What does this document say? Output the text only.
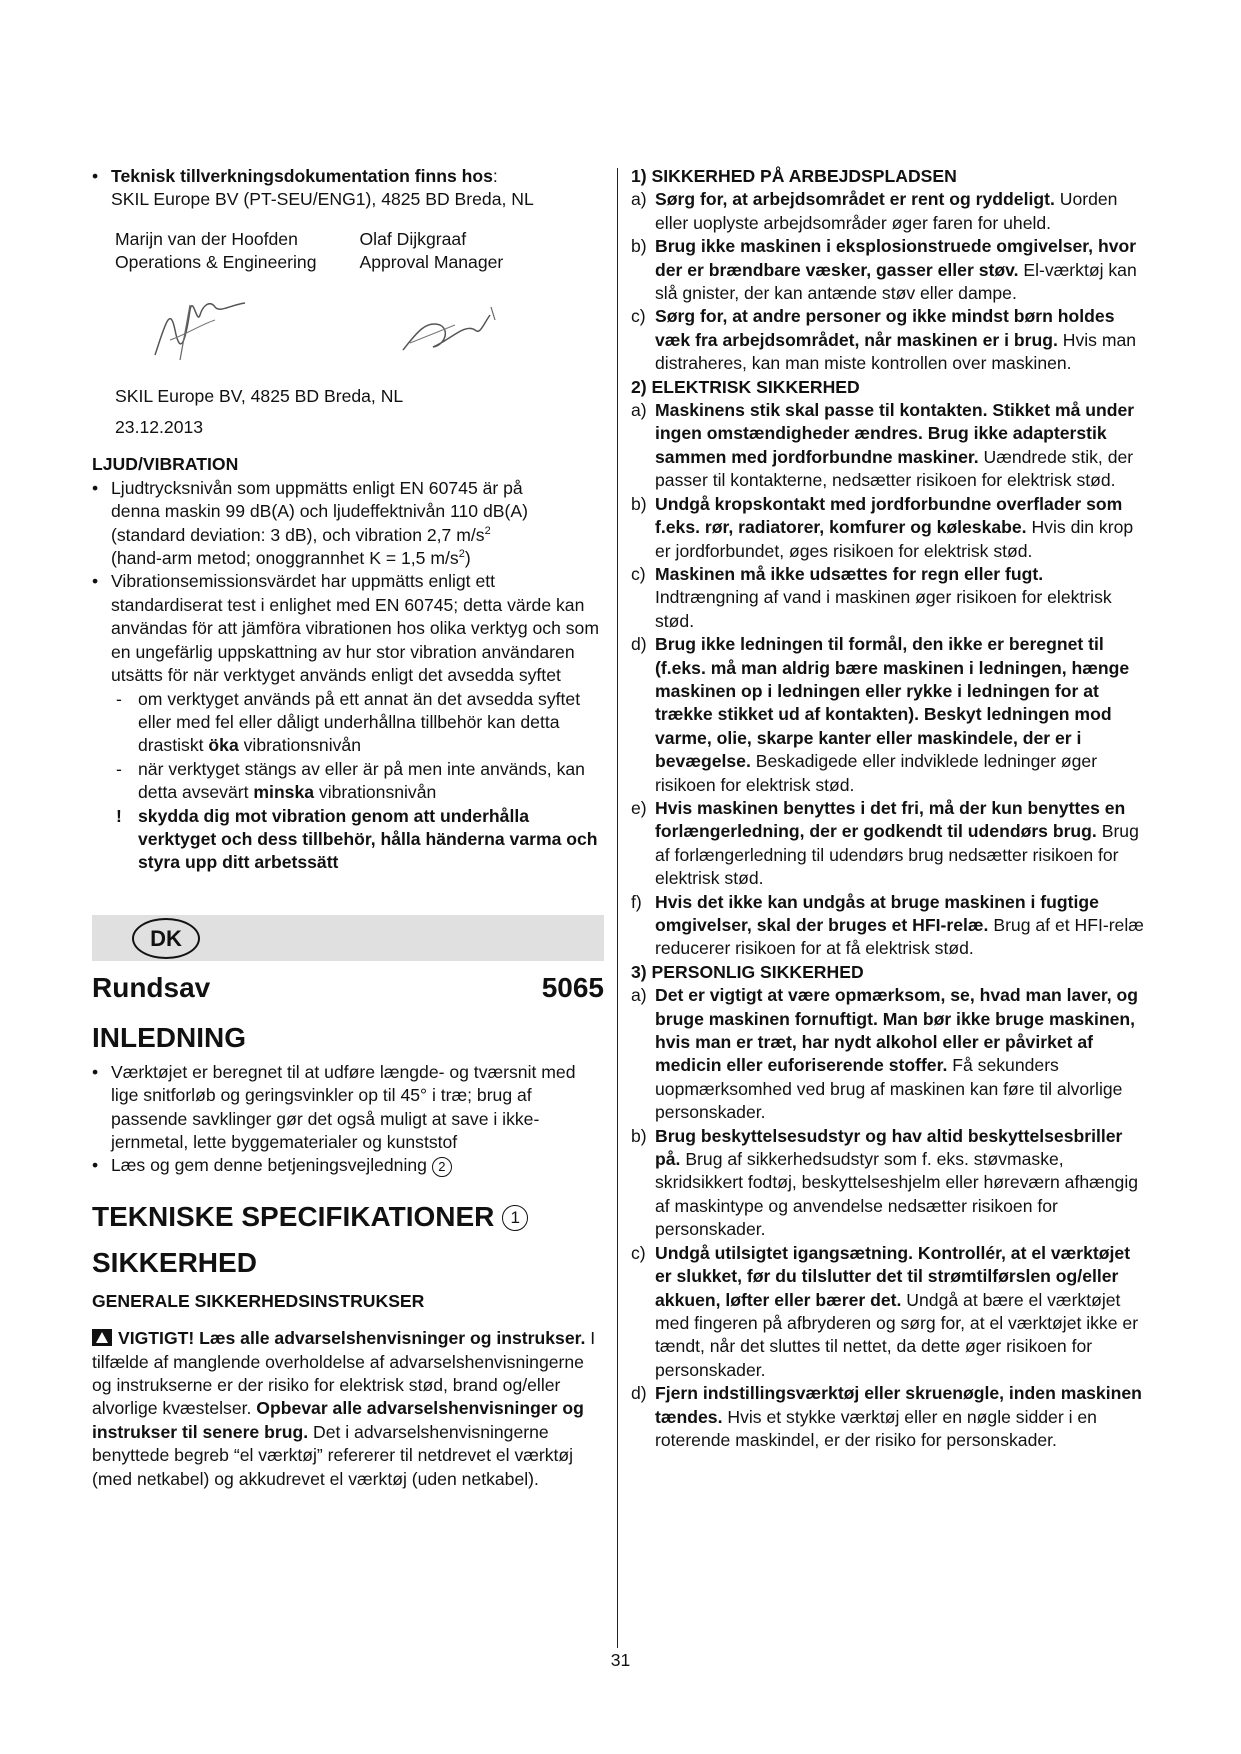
• Teknisk tillverkningsdokumentation finns hos:
SKIL Europe BV (PT-SEU/ENG1), 4825 BD Breda, NL
Marijn van der Hoofden
Operations & Engineering
Olaf Dijkgraaf
Approval Manager
SKIL Europe BV, 4825 BD Breda, NL
23.12.2013
LJUD/VIBRATION
• Ljudtrycksnivån som uppmätts enligt EN 60745 är på
denna maskin 99 dB(A) och ljudeffektnivån 110 dB(A)
(standard deviation: 3 dB), och vibration 2,7 $m/s^2$
(hand-arm metod; onoggrannhet K = 1,5 $m/s^2$)
• Vibrationsemissionsvärdet har uppmätts enligt ett standardiserat test i enlighet med EN 60745; detta värde kan användas för att jämföra vibrationen hos olika verktyg och som en ungefärlig uppskattning av hur stor vibration användaren utsätts för när verktyget används enligt det avsedda syftet
- om verktyget används på ett annat än det avsedda syftet eller med fel eller dåligt underhållna tillbehör kan detta drastiskt öka vibrationsnivån
- när verktyget stängs av eller är på men inte används, kan detta avsevärt minska vibrationsnivån
! skydda dig mot vibration genom att underhålla verktyget och dess tillbehör, hålla händerna varma och styra upp ditt arbetssätt
DK
Rundsav	5065
INLEDNING
• Værktøjet er beregnet til at udføre længde- og tværsnit med lige snitforløb og geringsvinkler op til 45° i træ; brug af passende savklinger gør det også muligt at save i ikke-jernmetal, lette byggematerialer og kunststof
• Læs og gem denne betjeningsvejledning 2
TEKNISKE SPECIFIKATIONER 1
SIKKERHED
GENERALE SIKKERHEDSINSTRUKSER
VIGTIGT! Læs alle advarselshenvisninger og instrukser. I tilfælde af manglende overholdelse af advarselshenvisningerne og instrukserne er der risiko for elektrisk stød, brand og/eller alvorlige kvæstelser. Opbevar alle advarselshenvisninger og instrukser til senere brug. Det i advarselshenvisningerne benyttede begreb “el værktøj” refererer til netdrevet el værktøj (med netkabel) og akkudrevet el værktøj (uden netkabel).
1) SIKKERHED PÅ ARBEJDSPLADSEN
a) Sørg for, at arbejdsområdet er rent og ryddeligt. Uorden eller uoplyste arbejdsområder øger faren for uheld.
b) Brug ikke maskinen i eksplosionstruede omgivelser, hvor der er brændbare væsker, gasser eller støv. El-værktøj kan slå gnister, der kan antænde støv eller dampe.
c) Sørg for, at andre personer og ikke mindst børn holdes væk fra arbejdsområdet, når maskinen er i brug. Hvis man distraheres, kan man miste kontrollen over maskinen.
2) ELEKTRISK SIKKERHED
a) Maskinens stik skal passe til kontakten. Stikket må under ingen omstændigheder ændres. Brug ikke adapterstik sammen med jordforbundne maskiner. Uændrede stik, der passer til kontakterne, nedsætter risikoen for elektrisk stød.
b) Undgå kropskontakt med jordforbundne overflader som f.eks. rør, radiatorer, komfurer og køleskabe. Hvis din krop er jordforbundet, øges risikoen for elektrisk stød.
c) Maskinen må ikke udsættes for regn eller fugt. Indtrængning af vand i maskinen øger risikoen for elektrisk stød.
d) Brug ikke ledningen til formål, den ikke er beregnet til (f.eks. må man aldrig bære maskinen i ledningen, hænge maskinen op i ledningen eller rykke i ledningen for at trække stikket ud af kontakten). Beskyt ledningen mod varme, olie, skarpe kanter eller maskindele, der er i bevægelse. Beskadigede eller indviklede ledninger øger risikoen for elektrisk stød.
e) Hvis maskinen benyttes i det fri, må der kun benyttes en forlængerledning, der er godkendt til udendørs brug. Brug af forlængerledning til udendørs brug nedsætter risikoen for elektrisk stød.
f) Hvis det ikke kan undgås at bruge maskinen i fugtige omgivelser, skal der bruges et HFI-relæ. Brug af et HFI-relæ reducerer risikoen for at få elektrisk stød.
3) PERSONLIG SIKKERHED
a) Det er vigtigt at være opmærksom, se, hvad man laver, og bruge maskinen fornuftigt. Man bør ikke bruge maskinen, hvis man er træt, har nydt alkohol eller er påvirket af medicin eller euforiserende stoffer. Få sekunders uopmærksomhed ved brug af maskinen kan føre til alvorlige personskader.
b) Brug beskyttelsesudstyr og hav altid beskyttelsesbriller på. Brug af sikkerhedsudstyr som f. eks. støvmaske, skridsikkert fodtøj, beskyttelseshjelm eller høreværn afhængig af maskintype og anvendelse nedsætter risikoen for personskader.
c) Undgå utilsigtet igangsætning. Kontrollér, at el værktøjet er slukket, før du tilslutter det til strømtilførslen og/eller akkuen, løfter eller bærer det. Undgå at bære el værktøjet med fingeren på afbryderen og sørg for, at el værktøjet ikke er tændt, når det sluttes til nettet, da dette øger risikoen for personskader.
d) Fjern indstillingsværktøj eller skruenøgle, inden maskinen tændes. Hvis et stykke værktøj eller en nøgle sidder i en roterende maskindel, er der risiko for personskader.
31
